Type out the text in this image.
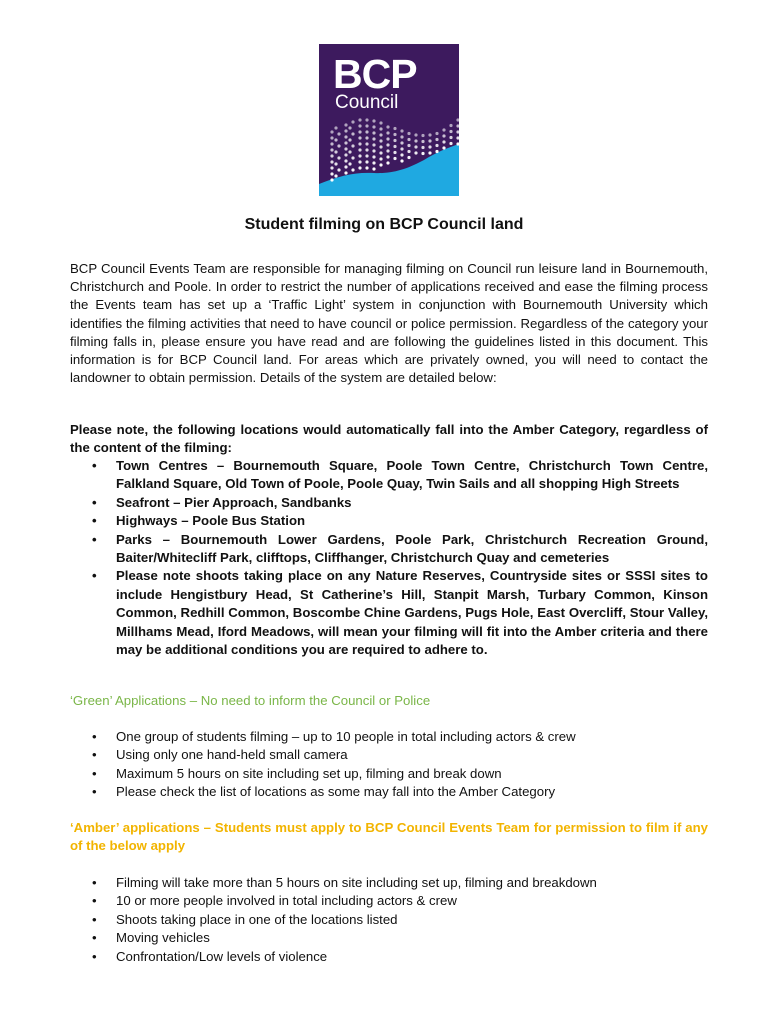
BCP
Council
Student filming on BCP Council land

BCP Council Events Team are responsible for managing filming on Council run leisure land in Bournemouth, Christchurch and Poole. In order to restrict the number of applications received and ease the filming process the Events team has set up a ‘Traffic Light’ system in conjunction with Bournemouth University which identifies the filming activities that need to have council or police permission. Regardless of the category your filming falls in, please ensure you have read and are following the guidelines listed in this document. This information is for BCP Council land. For areas which are privately owned, you will need to contact the landowner to obtain permission. Details of the system are detailed below:

Please note, the following locations would automatically fall into the Amber Category, regardless of the content of the filming:

• Town Centres – Bournemouth Square, Poole Town Centre, Christchurch Town Centre, Falkland Square, Old Town of Poole, Poole Quay, Twin Sails and all shopping High Streets
• Seafront – Pier Approach, Sandbanks
• Highways – Poole Bus Station
• Parks – Bournemouth Lower Gardens, Poole Park, Christchurch Recreation Ground, Baiter/Whitecliff Park, clifftops, Cliffhanger, Christchurch Quay and cemeteries
• Please note shoots taking place on any Nature Reserves, Countryside sites or SSSI sites to include Hengistbury Head, St Catherine’s Hill, Stanpit Marsh, Turbary Common, Kinson Common, Redhill Common, Boscombe Chine Gardens, Pugs Hole, East Overcliff, Stour Valley, Millhams Mead, Iford Meadows, will mean your filming will fit into the Amber criteria and there may be additional conditions you are required to adhere to.
‘Green’ Applications – No need to inform the Council or Police
• One group of students filming – up to 10 people in total including actors & crew
• Using only one hand-held small camera
• Maximum 5 hours on site including set up, filming and break down
• Please check the list of locations as some may fall into the Amber Category

‘Amber’ applications – Students must apply to BCP Council Events Team for permission to film if any of the below apply

• Filming will take more than 5 hours on site including set up, filming and breakdown
• 10 or more people involved in total including actors & crew
• Shoots taking place in one of the locations listed
• Moving vehicles
• Confrontation/Low levels of violence
